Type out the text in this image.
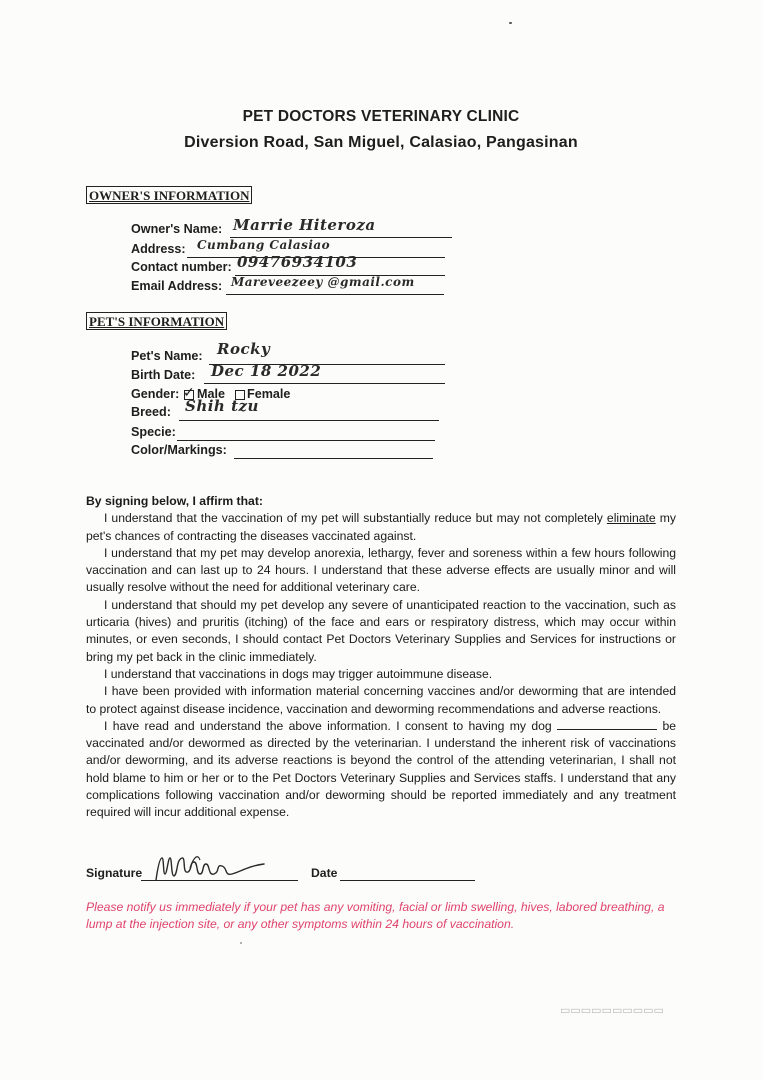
PET DOCTORS VETERINARY CLINIC
Diversion Road, San Miguel, Calasiao, Pangasinan
OWNER'S INFORMATION
Owner's Name: Marrie Hiteroza
Address: Cumbang Calasiao
Contact number: 09476934103
Email Address: Mareveezeey @gmail.com
PET'S INFORMATION
Pet's Name: Rocky
Birth Date: Dec 18 2022
Gender: ✓ Male Female
Breed: Shih tzu
Specie:
Color/Markings:
By signing below, I affirm that:

I understand that the vaccination of my pet will substantially reduce but may not completely eliminate my pet's chances of contracting the diseases vaccinated against.

I understand that my pet may develop anorexia, lethargy, fever and soreness within a few hours following vaccination and can last up to 24 hours. I understand that these adverse effects are usually minor and will usually resolve without the need for additional veterinary care.

I understand that should my pet develop any severe of unanticipated reaction to the vaccination, such as urticaria (hives) and pruritis (itching) of the face and ears or respiratory distress, which may occur within minutes, or even seconds, I should contact Pet Doctors Veterinary Supplies and Services for instructions or bring my pet back in the clinic immediately.

I understand that vaccinations in dogs may trigger autoimmune disease.

I have been provided with information material concerning vaccines and/or deworming that are intended to protect against disease incidence, vaccination and deworming recommendations and adverse reactions.

I have read and understand the above information. I consent to having my dog	be vaccinated and/or dewormed as directed by the veterinarian. I understand the inherent risk of vaccinations and/or deworming, and its adverse reactions is beyond the control of the attending veterinarian, I shall not hold blame to him or her or to the Pet Doctors Veterinary Supplies and Services staffs. I understand that any complications following vaccination and/or deworming should be reported immediately and any treatment required will incur additional expense.

Signature	Date
Please notify us immediately if your pet has any vomiting, facial or limb swelling, hives, labored breathing, a lump at the injection site, or any other symptoms within 24 hours of vaccination.
▭▭▭▭▭▭▭▭▭▭
